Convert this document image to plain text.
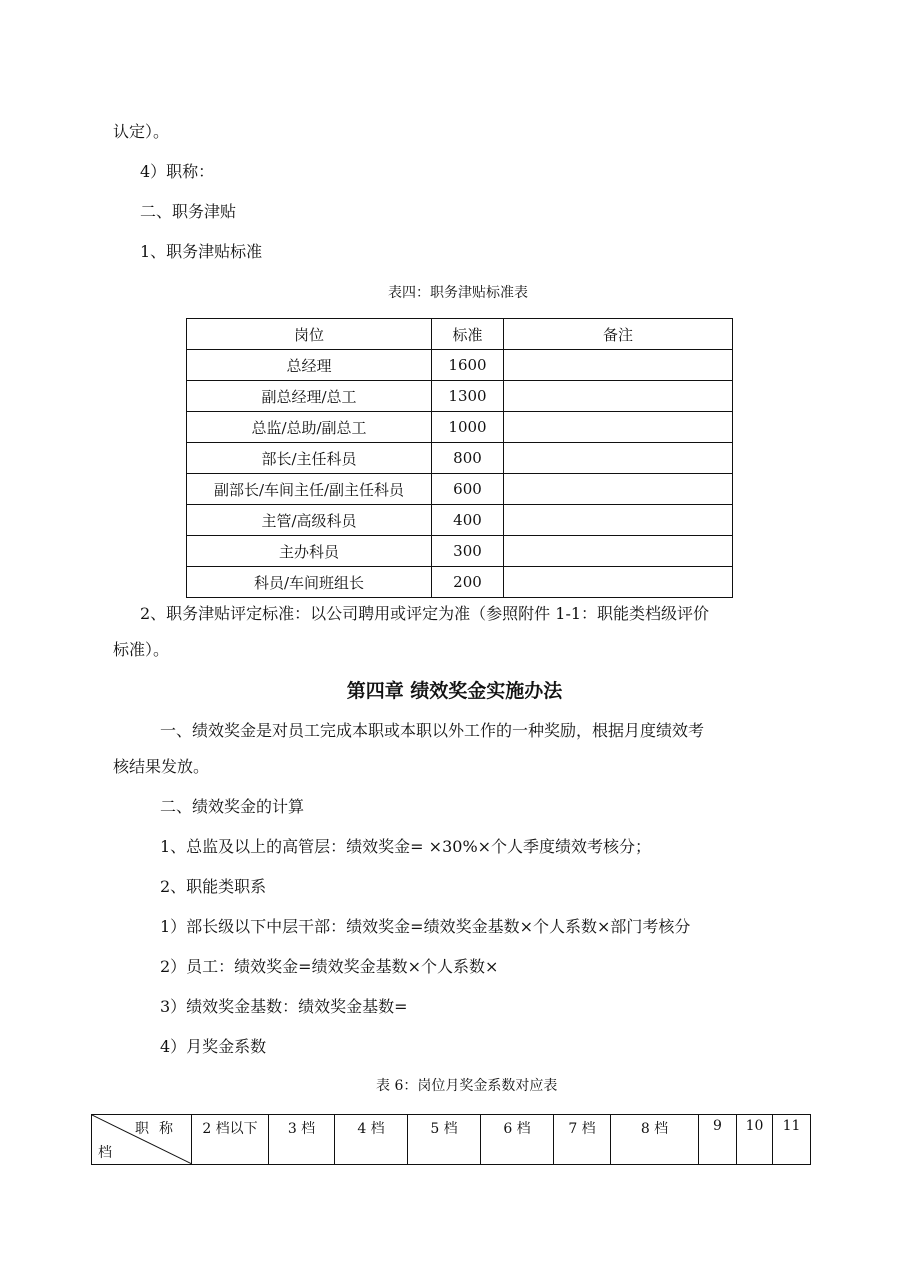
认定）。
4）职称：
二、职务津贴
1、职务津贴标准
表四：职务津贴标准表
岗位	标准	备注
总经理	1600	
副总经理/总工	1300	
总监/总助/副总工	1000	
部长/主任科员	800	
副部长/车间主任/副主任科员	600	
主管/高级科员	400	
主办科员	300	
科员/车间班组长	200	
2、职务津贴评定标准：以公司聘用或评定为准（参照附件 1-1：职能类档级评价
标准）。
第四章 绩效奖金实施办法
一、绩效奖金是对员工完成本职或本职以外工作的一种奖励，根据月度绩效考
核结果发放。
二、绩效奖金的计算
1、总监及以上的高管层：绩效奖金= ×30%×个人季度绩效考核分；
2、职能类职系
1）部长级以下中层干部：绩效奖金=绩效奖金基数×个人系数×部门考核分
2）员工：绩效奖金=绩效奖金基数×个人系数×
3）绩效奖金基数：绩效奖金基数=
4）月奖金系数
表 6：岗位月奖金系数对应表
职称
档
	2 档以下	3 档	4 档	5 档	6 档	7 档	8 档	9	10	11
